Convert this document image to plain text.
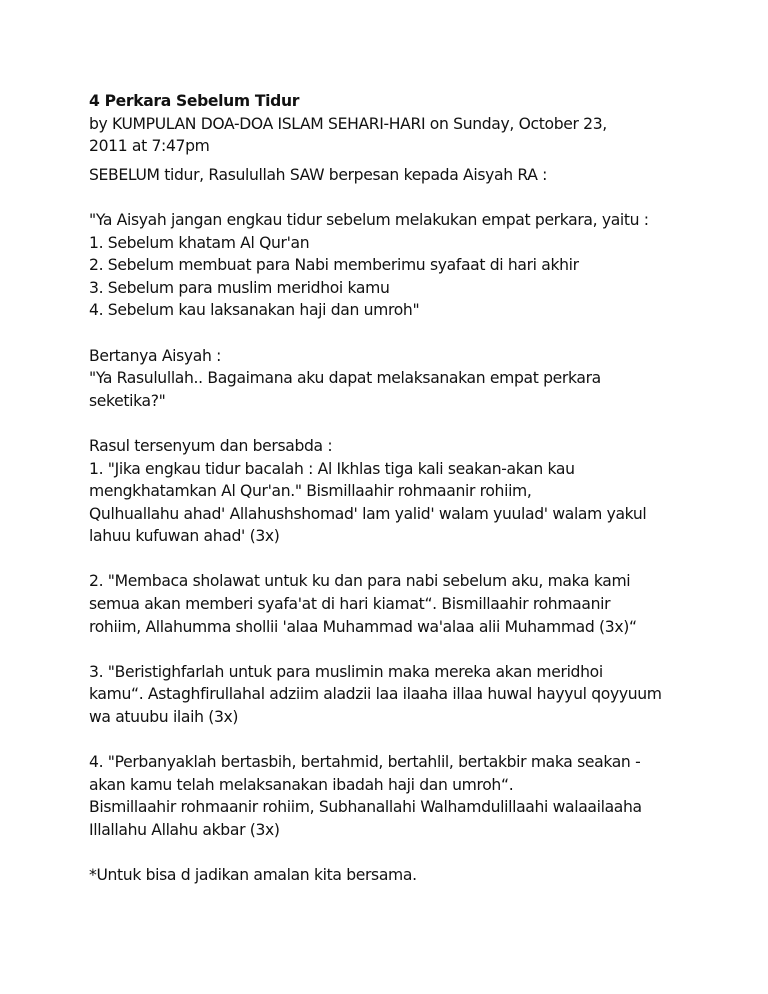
4 Perkara Sebelum Tidur

by KUMPULAN DOA-DOA ISLAM SEHARI-HARI on Sunday, October 23,

2011 at 7:47pm

SEBELUM tidur, Rasulullah SAW berpesan kepada Aisyah RA :

"Ya Aisyah jangan engkau tidur sebelum melakukan empat perkara, yaitu :

1. Sebelum khatam Al Qur'an

2. Sebelum membuat para Nabi memberimu syafaat di hari akhir

3. Sebelum para muslim meridhoi kamu

4. Sebelum kau laksanakan haji dan umroh"

Bertanya Aisyah :

"Ya Rasulullah.. Bagaimana aku dapat melaksanakan empat perkara

seketika?"

Rasul tersenyum dan bersabda :

1. "Jika engkau tidur bacalah : Al Ikhlas tiga kali seakan-akan kau

mengkhatamkan Al Qur'an." Bismillaahir rohmaanir rohiim,

Qulhuallahu ahad' Allahushshomad' lam yalid' walam yuulad' walam yakul

lahuu kufuwan ahad' (3x)

2. "Membaca sholawat untuk ku dan para nabi sebelum aku, maka kami

semua akan memberi syafa'at di hari kiamat“. Bismillaahir rohmaanir

rohiim, Allahumma shollii 'alaa Muhammad wa'alaa alii Muhammad (3x)“

3. "Beristighfarlah untuk para muslimin maka mereka akan meridhoi

kamu“. Astaghfirullahal adziim aladzii laa ilaaha illaa huwal hayyul qoyyuum

wa atuubu ilaih (3x)

4. "Perbanyaklah bertasbih, bertahmid, bertahlil, bertakbir maka seakan -

akan kamu telah melaksanakan ibadah haji dan umroh“.

Bismillaahir rohmaanir rohiim, Subhanallahi Walhamdulillaahi walaailaaha

Illallahu Allahu akbar (3x)

*Untuk bisa d jadikan amalan kita bersama.
